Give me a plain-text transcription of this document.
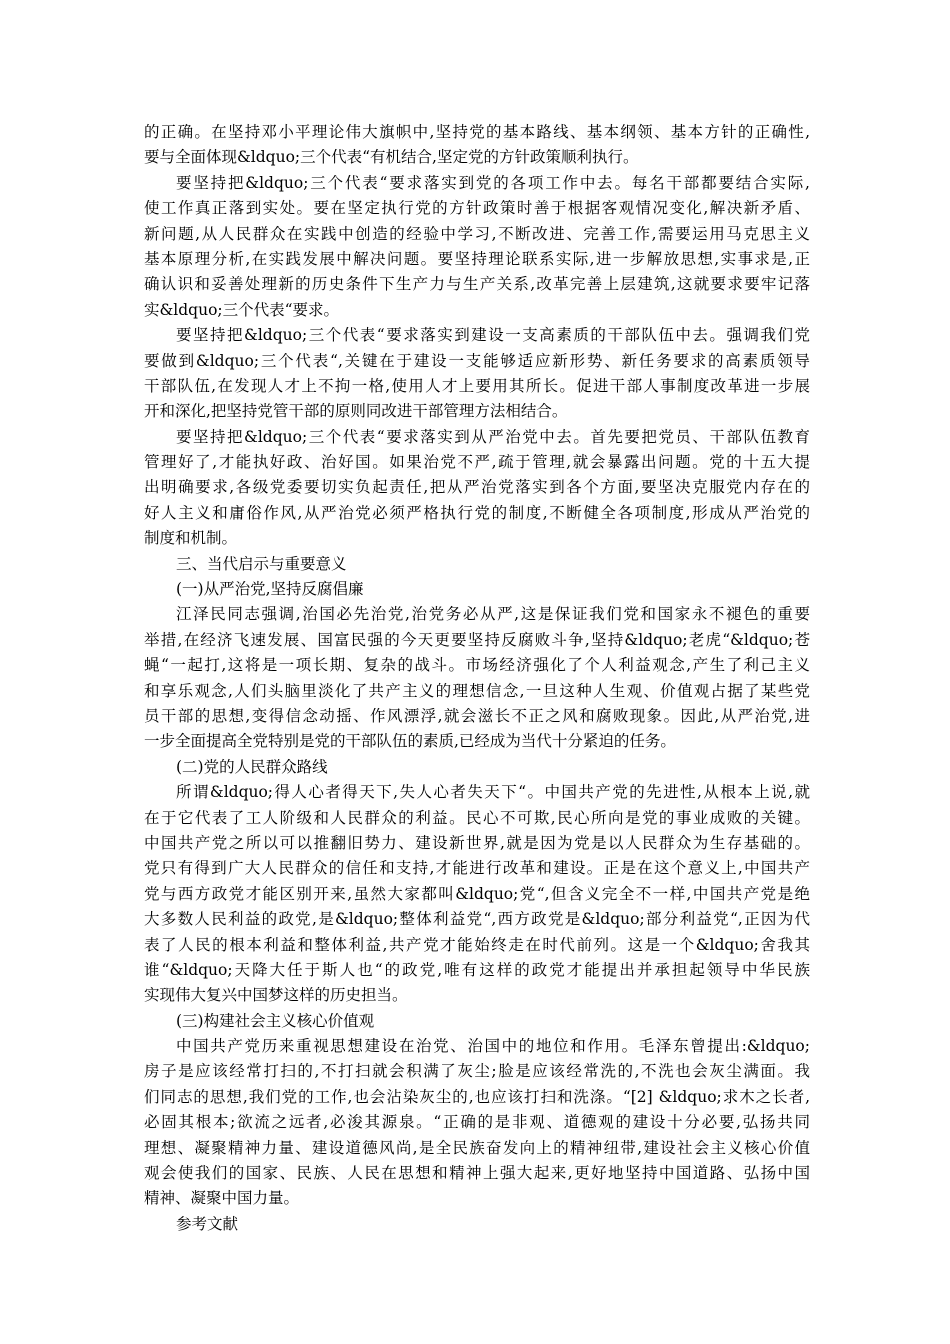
的正确。在坚持邓小平理论伟大旗帜中,坚持党的基本路线、基本纲领、基本方针的正确性,
要与全面体现&ldquo;三个代表“有机结合,坚定党的方针政策顺利执行。
要坚持把&ldquo;三个代表“要求落实到党的各项工作中去。每名干部都要结合实际,
使工作真正落到实处。要在坚定执行党的方针政策时善于根据客观情况变化,解决新矛盾、
新问题,从人民群众在实践中创造的经验中学习,不断改进、完善工作,需要运用马克思主义
基本原理分析,在实践发展中解决问题。要坚持理论联系实际,进一步解放思想,实事求是,正
确认识和妥善处理新的历史条件下生产力与生产关系,改革完善上层建筑,这就要求要牢记落
实&ldquo;三个代表“要求。
要坚持把&ldquo;三个代表“要求落实到建设一支高素质的干部队伍中去。强调我们党
要做到&ldquo;三个代表“,关键在于建设一支能够适应新形势、新任务要求的高素质领导
干部队伍,在发现人才上不拘一格,使用人才上要用其所长。促进干部人事制度改革进一步展
开和深化,把坚持党管干部的原则同改进干部管理方法相结合。
要坚持把&ldquo;三个代表“要求落实到从严治党中去。首先要把党员、干部队伍教育
管理好了,才能执好政、治好国。如果治党不严,疏于管理,就会暴露出问题。党的十五大提
出明确要求,各级党委要切实负起责任,把从严治党落实到各个方面,要坚决克服党内存在的
好人主义和庸俗作风,从严治党必须严格执行党的制度,不断健全各项制度,形成从严治党的
制度和机制。
三、当代启示与重要意义
(一)从严治党,坚持反腐倡廉
江泽民同志强调,治国必先治党,治党务必从严,这是保证我们党和国家永不褪色的重要
举措,在经济飞速发展、国富民强的今天更要坚持反腐败斗争,坚持&ldquo;老虎“&ldquo;苍
蝇“一起打,这将是一项长期、复杂的战斗。市场经济强化了个人利益观念,产生了利己主义
和享乐观念,人们头脑里淡化了共产主义的理想信念,一旦这种人生观、价值观占据了某些党
员干部的思想,变得信念动摇、作风漂浮,就会滋长不正之风和腐败现象。因此,从严治党,进
一步全面提高全党特别是党的干部队伍的素质,已经成为当代十分紧迫的任务。
(二)党的人民群众路线
所谓&ldquo;得人心者得天下,失人心者失天下“。中国共产党的先进性,从根本上说,就
在于它代表了工人阶级和人民群众的利益。民心不可欺,民心所向是党的事业成败的关键。
中国共产党之所以可以推翻旧势力、建设新世界,就是因为党是以人民群众为生存基础的。
党只有得到广大人民群众的信任和支持,才能进行改革和建设。正是在这个意义上,中国共产
党与西方政党才能区别开来,虽然大家都叫&ldquo;党“,但含义完全不一样,中国共产党是绝
大多数人民利益的政党,是&ldquo;整体利益党“,西方政党是&ldquo;部分利益党“,正因为代
表了人民的根本利益和整体利益,共产党才能始终走在时代前列。这是一个&ldquo;舍我其
谁“&ldquo;天降大任于斯人也“的政党,唯有这样的政党才能提出并承担起领导中华民族
实现伟大复兴中国梦这样的历史担当。
(三)构建社会主义核心价值观
中国共产党历来重视思想建设在治党、治国中的地位和作用。毛泽东曾提出:&ldquo;
房子是应该经常打扫的,不打扫就会积满了灰尘;脸是应该经常洗的,不洗也会灰尘满面。我
们同志的思想,我们党的工作,也会沾染灰尘的,也应该打扫和洗涤。“[2] &ldquo;求木之长者,
必固其根本;欲流之远者,必浚其源泉。“正确的是非观、道德观的建设十分必要,弘扬共同
理想、凝聚精神力量、建设道德风尚,是全民族奋发向上的精神纽带,建设社会主义核心价值
观会使我们的国家、民族、人民在思想和精神上强大起来,更好地坚持中国道路、弘扬中国
精神、凝聚中国力量。
参考文献
